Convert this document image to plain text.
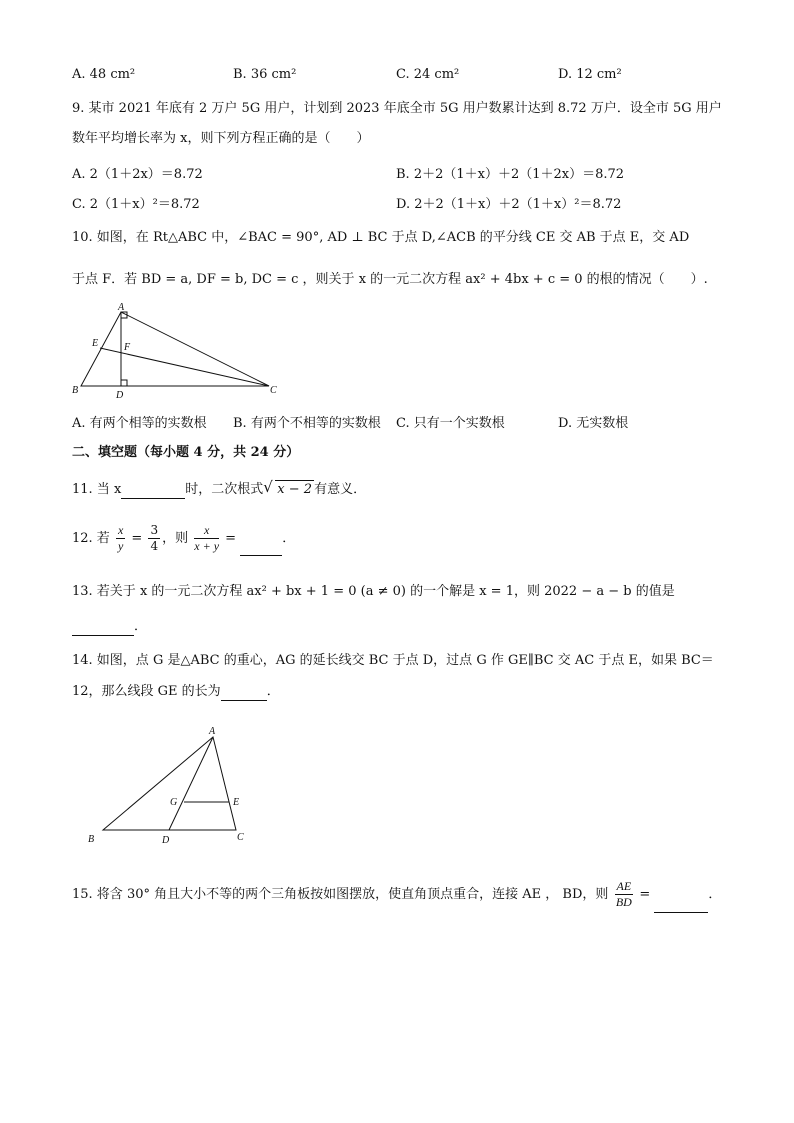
A. 48 cm²	B. 36 cm²	C. 24 cm²	D. 12 cm²
9. 某市 2021 年底有 2 万户 5G 用户，计划到 2023 年底全市 5G 用户数累计达到 8.72 万户．设全市 5G 用户
数年平均增长率为 x，则下列方程正确的是（　　）
A. 2（1＋2x）＝8.72	B. 2＋2（1＋x）＋2（1＋2x）＝8.72
C. 2（1＋x）²＝8.72	D. 2＋2（1＋x）＋2（1＋x）²＝8.72
10. 如图，在 Rt△ABC 中，∠BAC = 90°, AD ⊥ BC 于点 D,∠ACB 的平分线 CE 交 AB 于点 E，交 AD
于点 F．若 BD = a, DF = b, DC = c ，则关于 x 的一元二次方程 ax² + 4bx + c = 0 的根的情况（　　）.
A
E	F
B	D	C
A. 有两个相等的实数根 B. 有两个不相等的实数根 C. 只有一个实数根	D. 无实数根
二、填空题（每小题 4 分，共 24 分）
11. 当 x	时，二次根式√ x − 2 有意义．
12. 若 $\frac{x}{y} = \frac{3}{4}$ ，则 $\frac{x}{x + y}$ =	．
13. 若关于 x 的一元二次方程 ax² + bx + 1 = 0 (a ≠ 0) 的一个解是 x = 1，则 2022 − a − b 的值是
．
14. 如图，点 G 是△ABC 的重心，AG 的延长线交 BC 于点 D，过点 G 作 GE∥BC 交 AC 于点 E，如果 BC＝
12，那么线段 GE 的长为	．
A
G	E
B	D	C
15. 将含 30° 角且大小不等的两个三角板按如图摆放，使直角顶点重合，连接 AE ， BD，则 $\frac{AE}{BD}$ =	．
